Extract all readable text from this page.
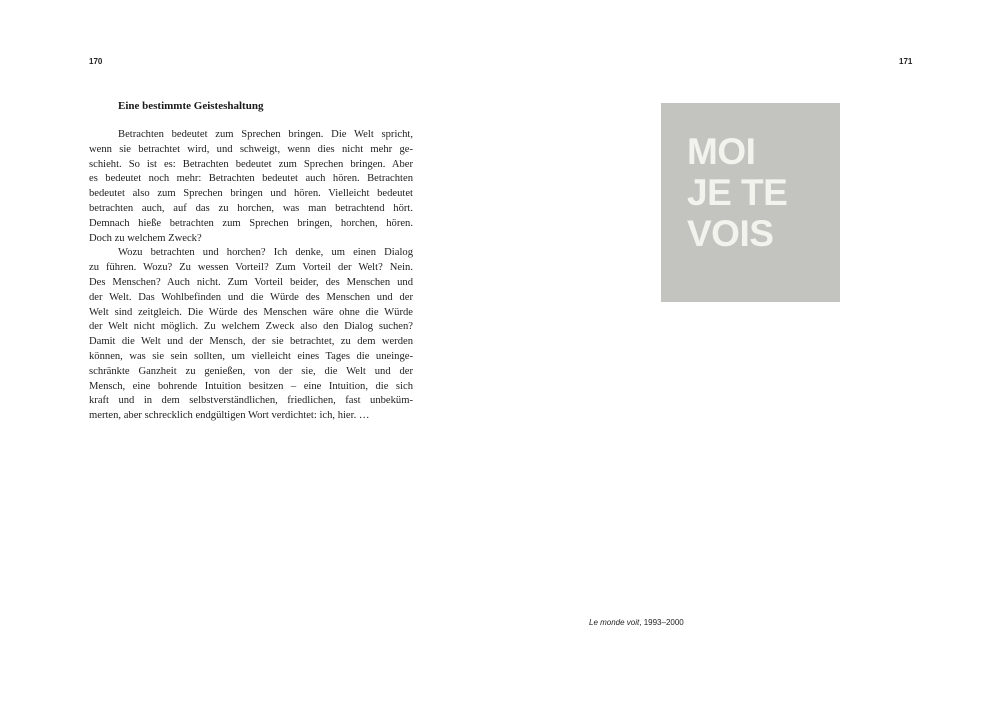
170	171
Eine bestimmte Geisteshaltung
Betrachten bedeutet zum Sprechen bringen. Die Welt spricht,
wenn sie betrachtet wird, und schweigt, wenn dies nicht mehr ge-
schieht. So ist es: Betrachten bedeutet zum Sprechen bringen. Aber
es bedeutet noch mehr: Betrachten bedeutet auch hören. Betrachten
bedeutet also zum Sprechen bringen und hören. Vielleicht bedeutet
betrachten auch, auf das zu horchen, was man betrachtend hört.
Demnach hieße betrachten zum Sprechen bringen, horchen, hören.
Doch zu welchem Zweck?
Wozu betrachten und horchen? Ich denke, um einen Dialog
zu führen. Wozu? Zu wessen Vorteil? Zum Vorteil der Welt? Nein.
Des Menschen? Auch nicht. Zum Vorteil beider, des Menschen und
der Welt. Das Wohlbefinden und die Würde des Menschen und der
Welt sind zeitgleich. Die Würde des Menschen wäre ohne die Würde
der Welt nicht möglich. Zu welchem Zweck also den Dialog suchen?
Damit die Welt und der Mensch, der sie betrachtet, zu dem werden
können, was sie sein sollten, um vielleicht eines Tages die uneinge-
schränkte Ganzheit zu genießen, von der sie, die Welt und der
Mensch, eine bohrende Intuition besitzen – eine Intuition, die sich
kraft und in dem selbstverständlichen, friedlichen, fast unbeküm-
merten, aber schrecklich endgültigen Wort verdichtet: ich, hier. …
MOI
JE TE
VOIS
Le monde voit, 1993–2000
